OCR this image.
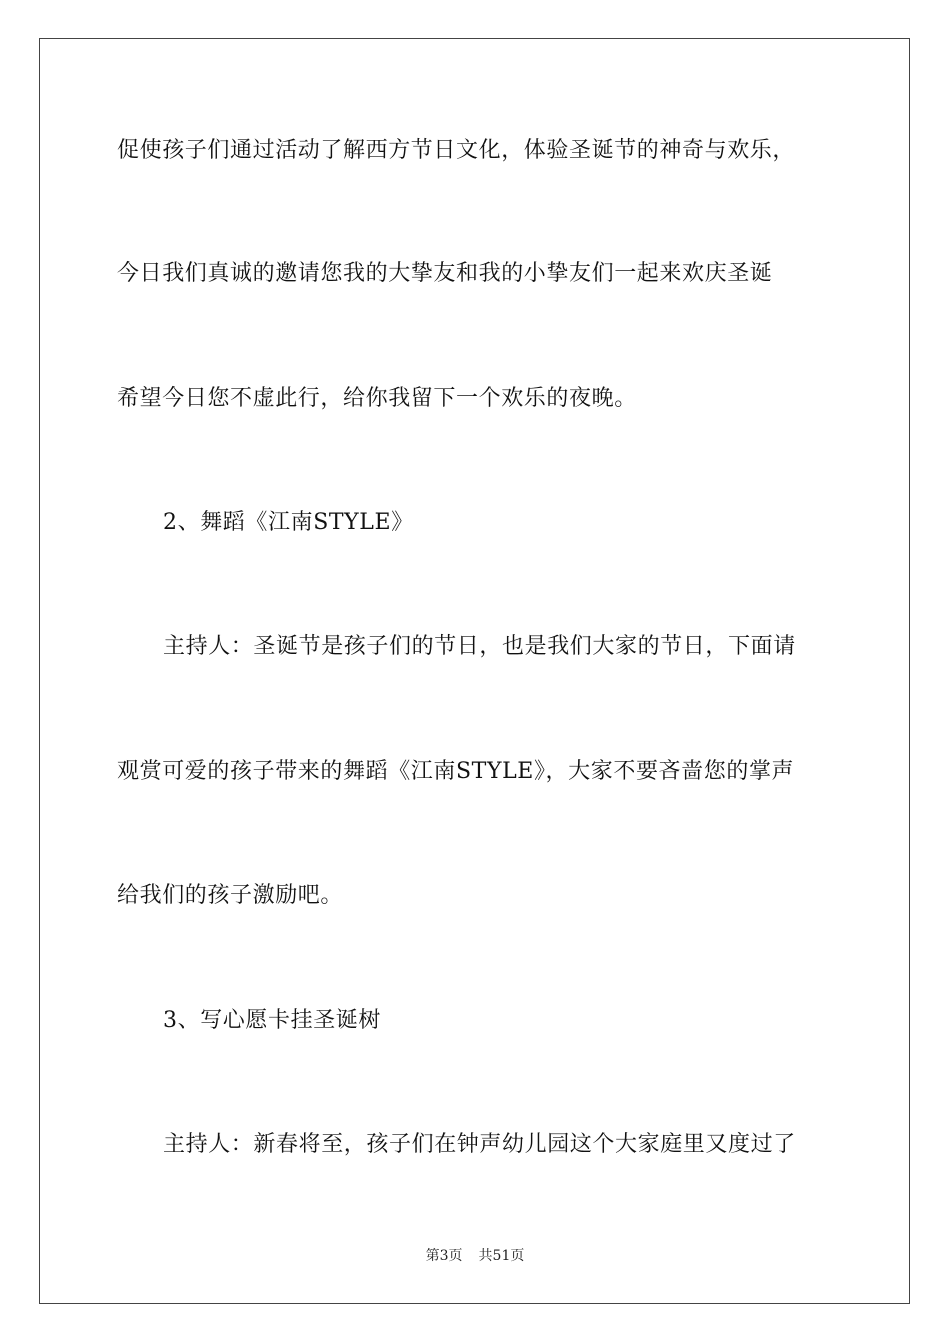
促使孩子们通过活动了解西方节日文化，体验圣诞节的神奇与欢乐，
今日我们真诚的邀请您我的大挚友和我的小挚友们一起来欢庆圣诞
希望今日您不虚此行，给你我留下一个欢乐的夜晚。
2、舞蹈《江南STYLE》
主持人：圣诞节是孩子们的节日，也是我们大家的节日，下面请
观赏可爱的孩子带来的舞蹈《江南STYLE》，大家不要吝啬您的掌声
给我们的孩子激励吧。
3、写心愿卡挂圣诞树
主持人：新春将至，孩子们在钟声幼儿园这个大家庭里又度过了
第3页 共51页
